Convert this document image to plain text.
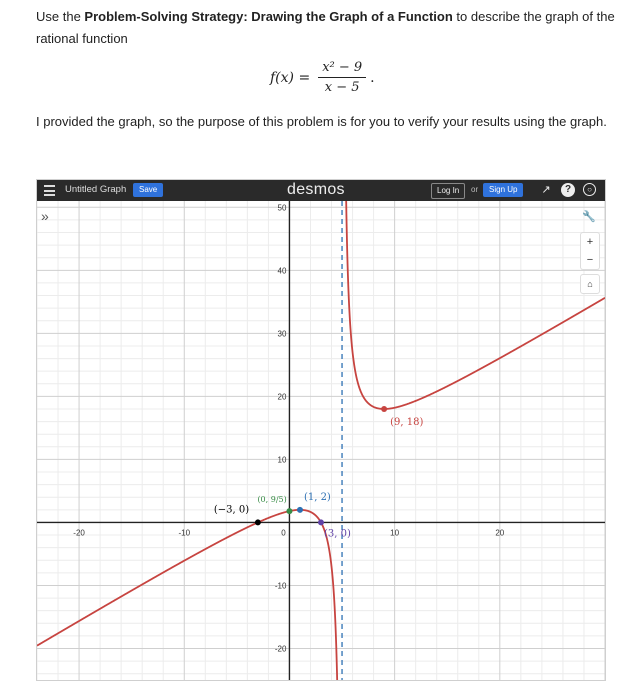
Use the Problem-Solving Strategy: Drawing the Graph of a Function to describe the graph of the rational function
$f(x) = \frac{\text{x² − 9}}{x - 5}$ .
I provided the graph, so the purpose of this problem is for you to verify your results using the graph.
Untitled Graph	Save	desmos	Log In	or	Sign Up	↗	?	○
-20	-10	0	10	20
-20
-10
10
20
30
40
50
(−3, 0)
(0, 9/5) (1, 2)
(3, 0)
(9, 18)
»	🔧
+
−
⌂
